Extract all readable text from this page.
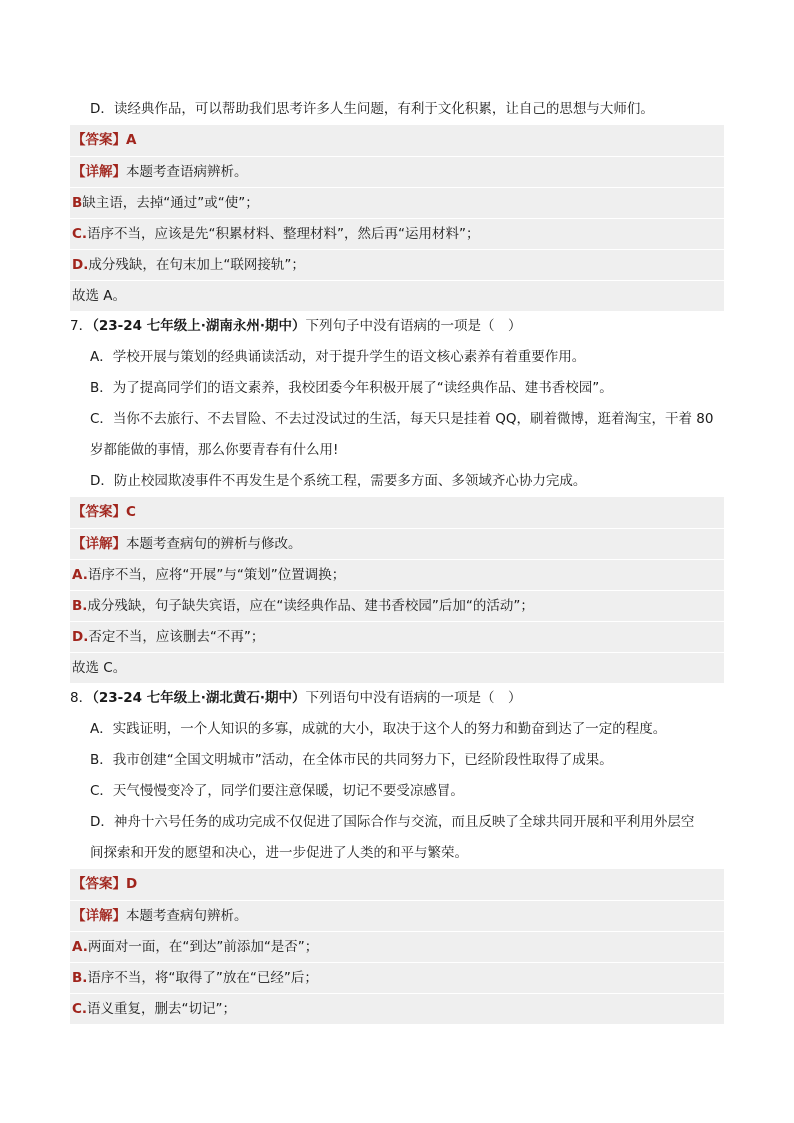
D．读经典作品，可以帮助我们思考许多人生问题，有利于文化积累，让自己的思想与大师们。
【答案】A
【详解】本题考查语病辨析。
B缺主语，去掉“通过”或“使”；
C.语序不当，应该是先“积累材料、整理材料”，然后再“运用材料”；
D.成分残缺，在句末加上“联网接轨”；
故选 A。
7．（23-24 七年级上·湖南永州·期中）下列句子中没有语病的一项是（　）
A．学校开展与策划的经典诵读活动，对于提升学生的语文核心素养有着重要作用。
B．为了提高同学们的语文素养，我校团委今年积极开展了“读经典作品、建书香校园”。
C．当你不去旅行、不去冒险、不去过没试过的生活，每天只是挂着 QQ，刷着微博，逛着淘宝，干着 80
岁都能做的事情，那么你要青春有什么用!
D．防止校园欺凌事件不再发生是个系统工程，需要多方面、多领域齐心协力完成。
【答案】C
【详解】本题考查病句的辨析与修改。
A.语序不当，应将“开展”与“策划”位置调换；
B.成分残缺，句子缺失宾语，应在“读经典作品、建书香校园”后加“的活动”；
D.否定不当，应该删去“不再”；
故选 C。
8．（23-24 七年级上·湖北黄石·期中）下列语句中没有语病的一项是（　）
A．实践证明，一个人知识的多寡，成就的大小，取决于这个人的努力和勤奋到达了一定的程度。
B．我市创建“全国文明城市”活动，在全体市民的共同努力下，已经阶段性取得了成果。
C．天气慢慢变冷了，同学们要注意保暖，切记不要受凉感冒。
D．神舟十六号任务的成功完成不仅促进了国际合作与交流，而且反映了全球共同开展和平利用外层空
间探索和开发的愿望和决心，进一步促进了人类的和平与繁荣。
【答案】D
【详解】本题考查病句辨析。
A.两面对一面，在“到达”前添加“是否”；
B.语序不当，将“取得了”放在“已经”后；
C.语义重复，删去“切记”；
